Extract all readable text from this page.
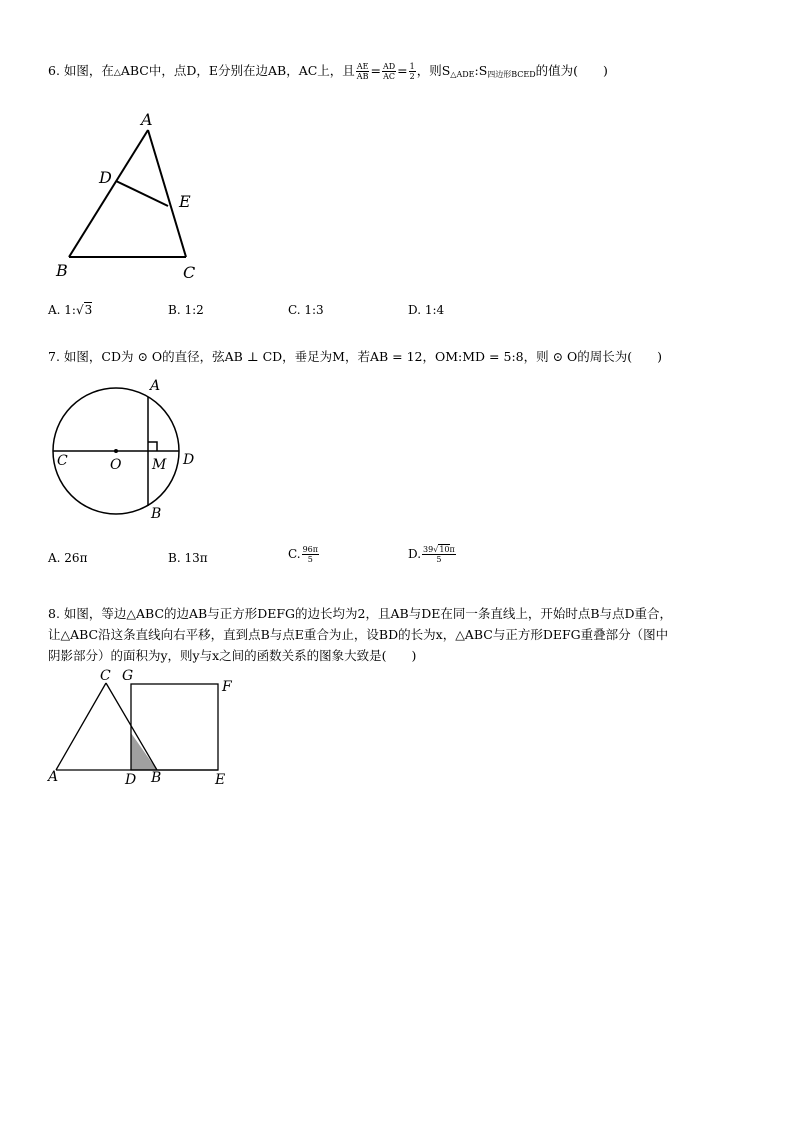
6. 如图，在△ABC中，点D，E分别在边AB，AC上，且 $\frac{AE}{AB} = \frac{AD}{AC} = \frac{1}{2}$ ，则$S_{\triangle ADE}:S_{四边形BCED}$的值为(　　)
A
D
E
B	C
A. 1:√3	B. 1:2	C. 1:3	D. 1:4
7. 如图，CD为 ⊙ O的直径，弦AB ⊥ CD，垂足为M，若AB = 12，OM:MD = 5:8，则 ⊙ O的周长为(　　)
A
C	O M D
B
A. 26π	B. 13π	C. $\frac{96\pi}{5}$	D. $\frac{39√10\pi}{5}$
8. 如图，等边△ABC的边AB与正方形DEFG的边长均为2，且AB与DE在同一条直线上，开始时点B与点D重合，
让△ABC沿这条直线向右平移，直到点B与点E重合为止，设BD的长为x，△ABC与正方形DEFG重叠部分（图中
阴影部分）的面积为y，则y与x之间的函数关系的图象大致是(　　)
C G
F
A	D B	E
